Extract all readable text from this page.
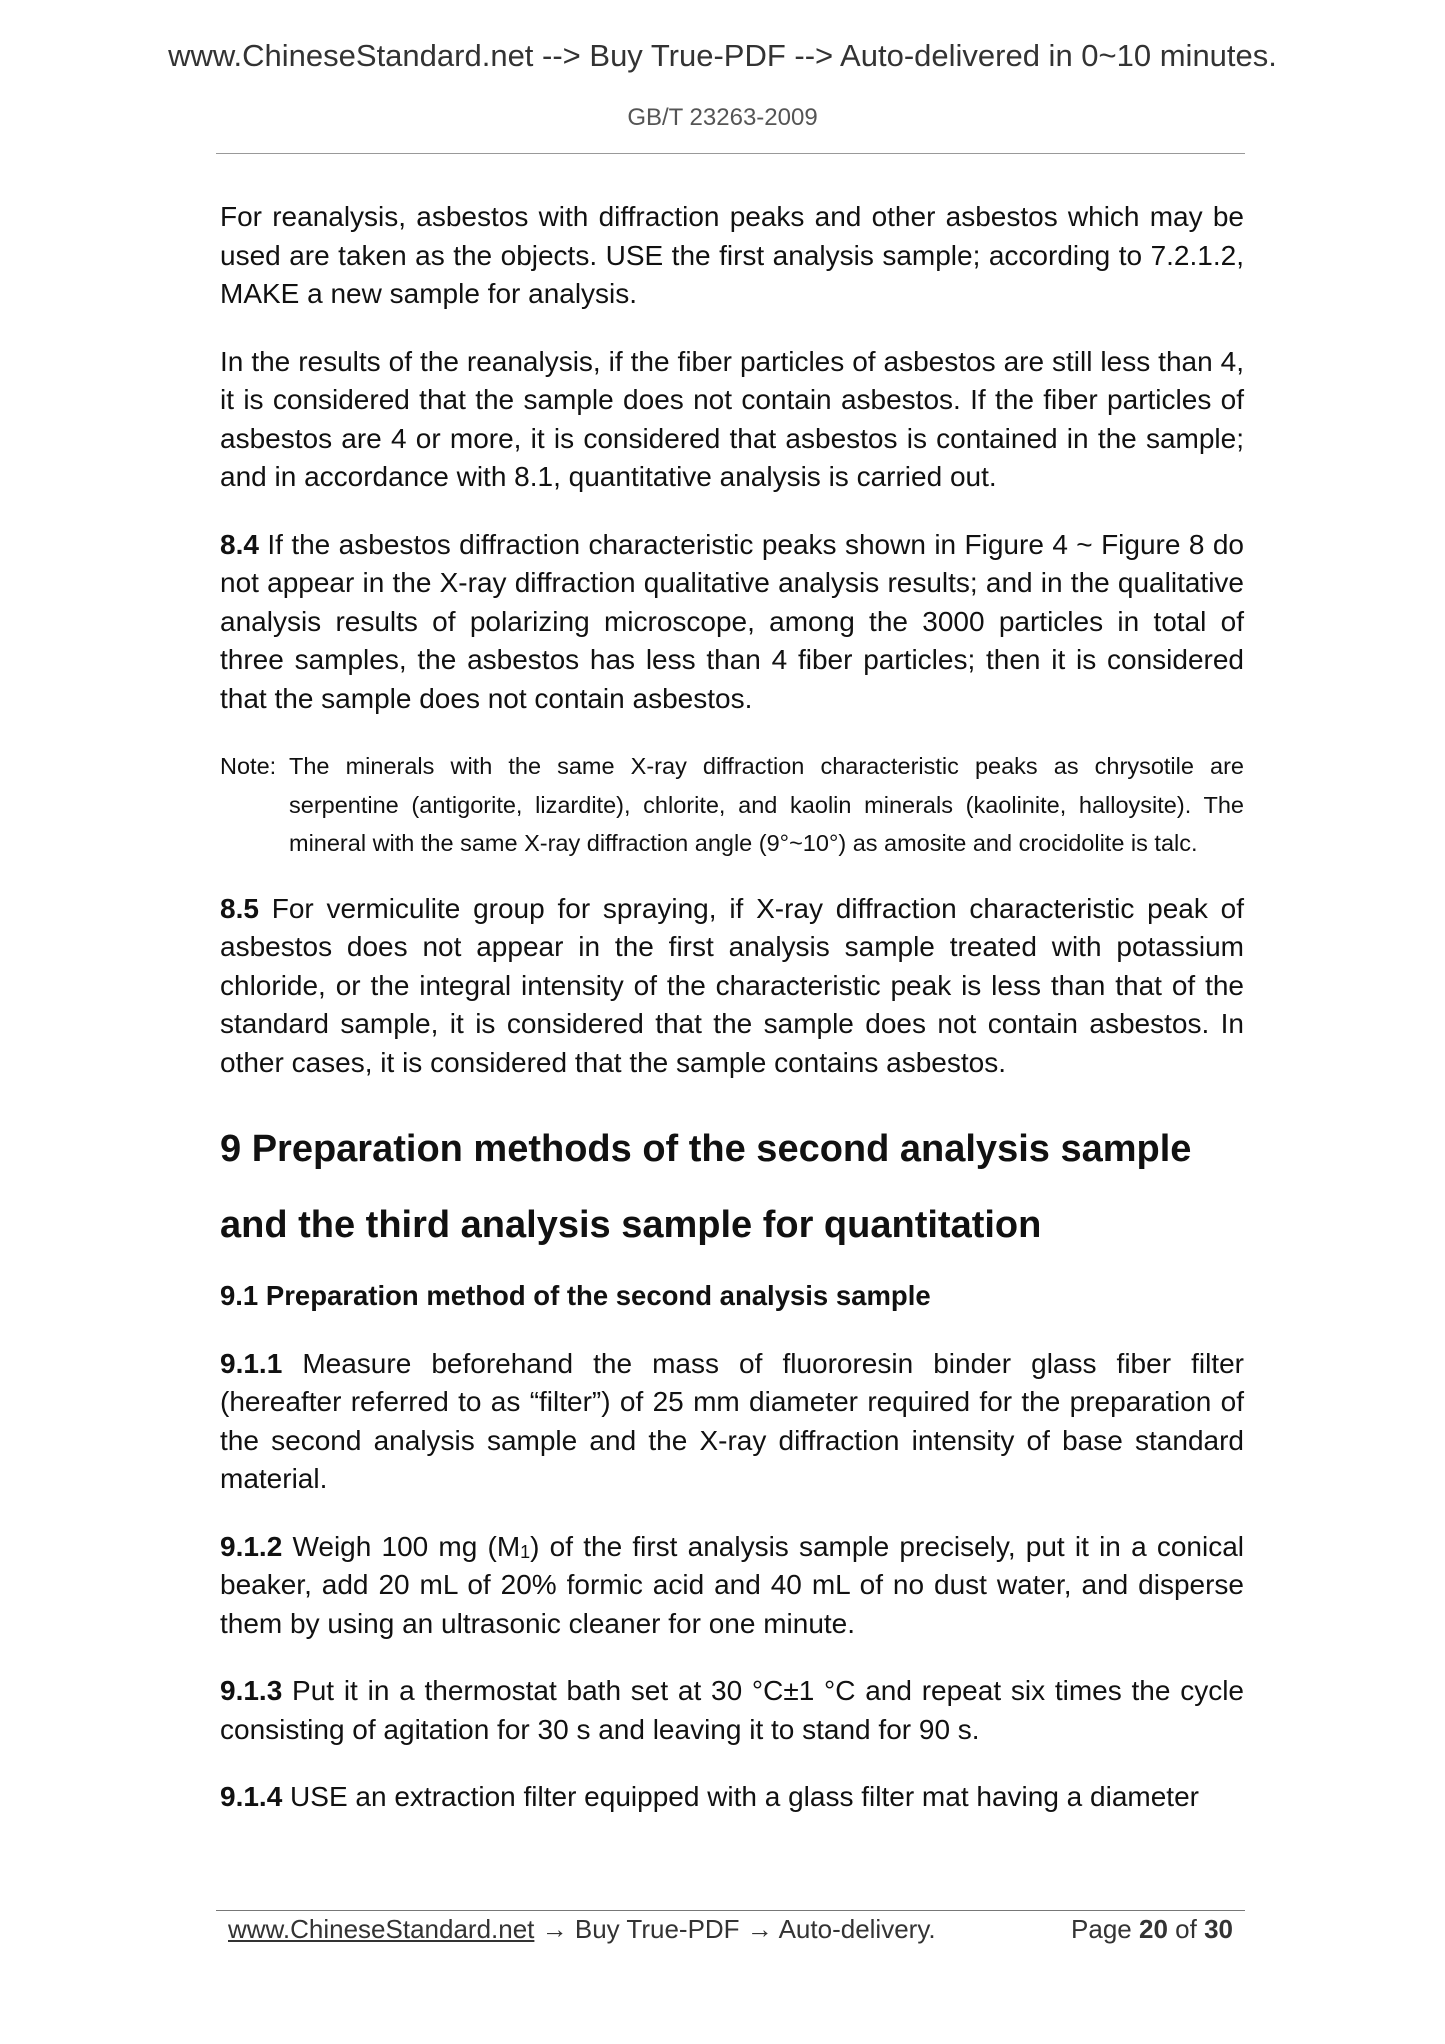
www.ChineseStandard.net --> Buy True-PDF --> Auto-delivered in 0~10 minutes.
GB/T 23263-2009

For reanalysis, asbestos with diffraction peaks and other asbestos which may be used are taken as the objects. USE the first analysis sample; according to 7.2.1.2, MAKE a new sample for analysis.

In the results of the reanalysis, if the fiber particles of asbestos are still less than 4, it is considered that the sample does not contain asbestos. If the fiber particles of asbestos are 4 or more, it is considered that asbestos is contained in the sample; and in accordance with 8.1, quantitative analysis is carried out.

8.4 If the asbestos diffraction characteristic peaks shown in Figure 4 ~ Figure 8 do not appear in the X-ray diffraction qualitative analysis results; and in the qualitative analysis results of polarizing microscope, among the 3000 particles in total of three samples, the asbestos has less than 4 fiber particles; then it is considered that the sample does not contain asbestos.

Note: The minerals with the same X-ray diffraction characteristic peaks as chrysotile are serpentine (antigorite, lizardite), chlorite, and kaolin minerals (kaolinite, halloysite). The mineral with the same X-ray diffraction angle (9°~10°) as amosite and crocidolite is talc.

8.5 For vermiculite group for spraying, if X-ray diffraction characteristic peak of asbestos does not appear in the first analysis sample treated with potassium chloride, or the integral intensity of the characteristic peak is less than that of the standard sample, it is considered that the sample does not contain asbestos. In other cases, it is considered that the sample contains asbestos.

9 Preparation methods of the second analysis sample
and the third analysis sample for quantitation
9.1 Preparation method of the second analysis sample

9.1.1 Measure beforehand the mass of fluororesin binder glass fiber filter (hereafter referred to as “filter”) of 25 mm diameter required for the preparation of the second analysis sample and the X-ray diffraction intensity of base standard material.

9.1.2 Weigh 100 mg $(M_1)$ of the first analysis sample precisely, put it in a conical beaker, add 20 mL of 20% formic acid and 40 mL of no dust water, and disperse them by using an ultrasonic cleaner for one minute.

9.1.3 Put it in a thermostat bath set at 30 °C±1 °C and repeat six times the cycle consisting of agitation for 30 s and leaving it to stand for 90 s.

9.1.4 USE an extraction filter equipped with a glass filter mat having a diameter

www.ChineseStandard.net → Buy True-PDF → Auto-delivery.	Page 20 of 30
